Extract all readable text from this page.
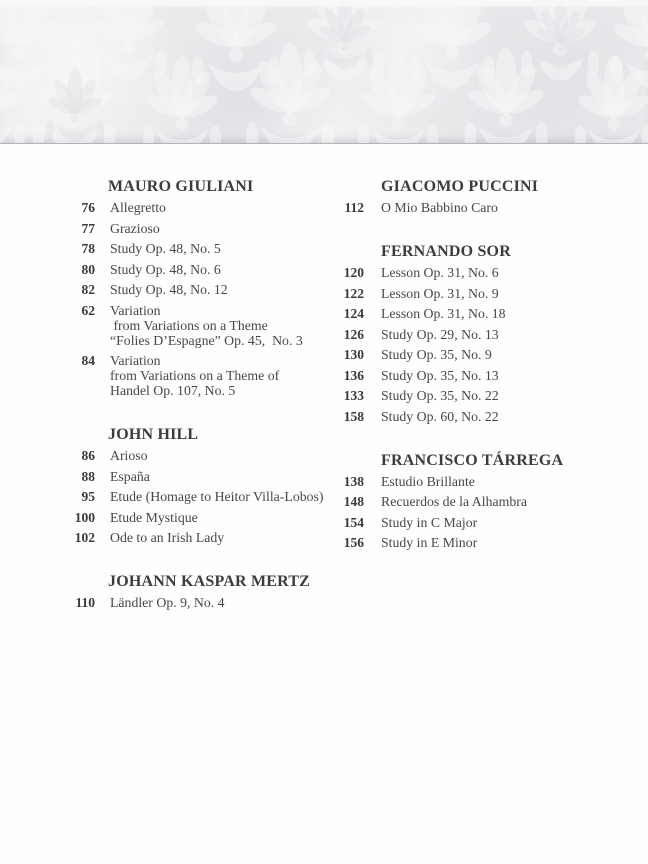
MAURO GIULIANI
76 Allegretto
77 Grazioso
78 Study Op. 48, No. 5
80 Study Op. 48, No. 6
82 Study Op. 48, No. 12
62 Variation
from Variations on a Theme
“Folies D’Espagne” Op. 45,  No. 3
84 Variation
from Variations on a Theme of
Handel Op. 107, No. 5
JOHN HILL
86 Arioso
88 España
95 Etude (Homage to Heitor Villa-Lobos)
100 Etude Mystique
102 Ode to an Irish Lady
JOHANN KASPAR MERTZ
110 Ländler Op. 9, No. 4
GIACOMO PUCCINI
112 O Mio Babbino Caro
FERNANDO SOR
120 Lesson Op. 31, No. 6
122 Lesson Op. 31, No. 9
124 Lesson Op. 31, No. 18
126 Study Op. 29, No. 13
130 Study Op. 35, No. 9
136 Study Op. 35, No. 13
133 Study Op. 35, No. 22
158 Study Op. 60, No. 22
FRANCISCO TÁRREGA
138 Estudio Brillante
148 Recuerdos de la Alhambra
154 Study in C Major
156 Study in E Minor
